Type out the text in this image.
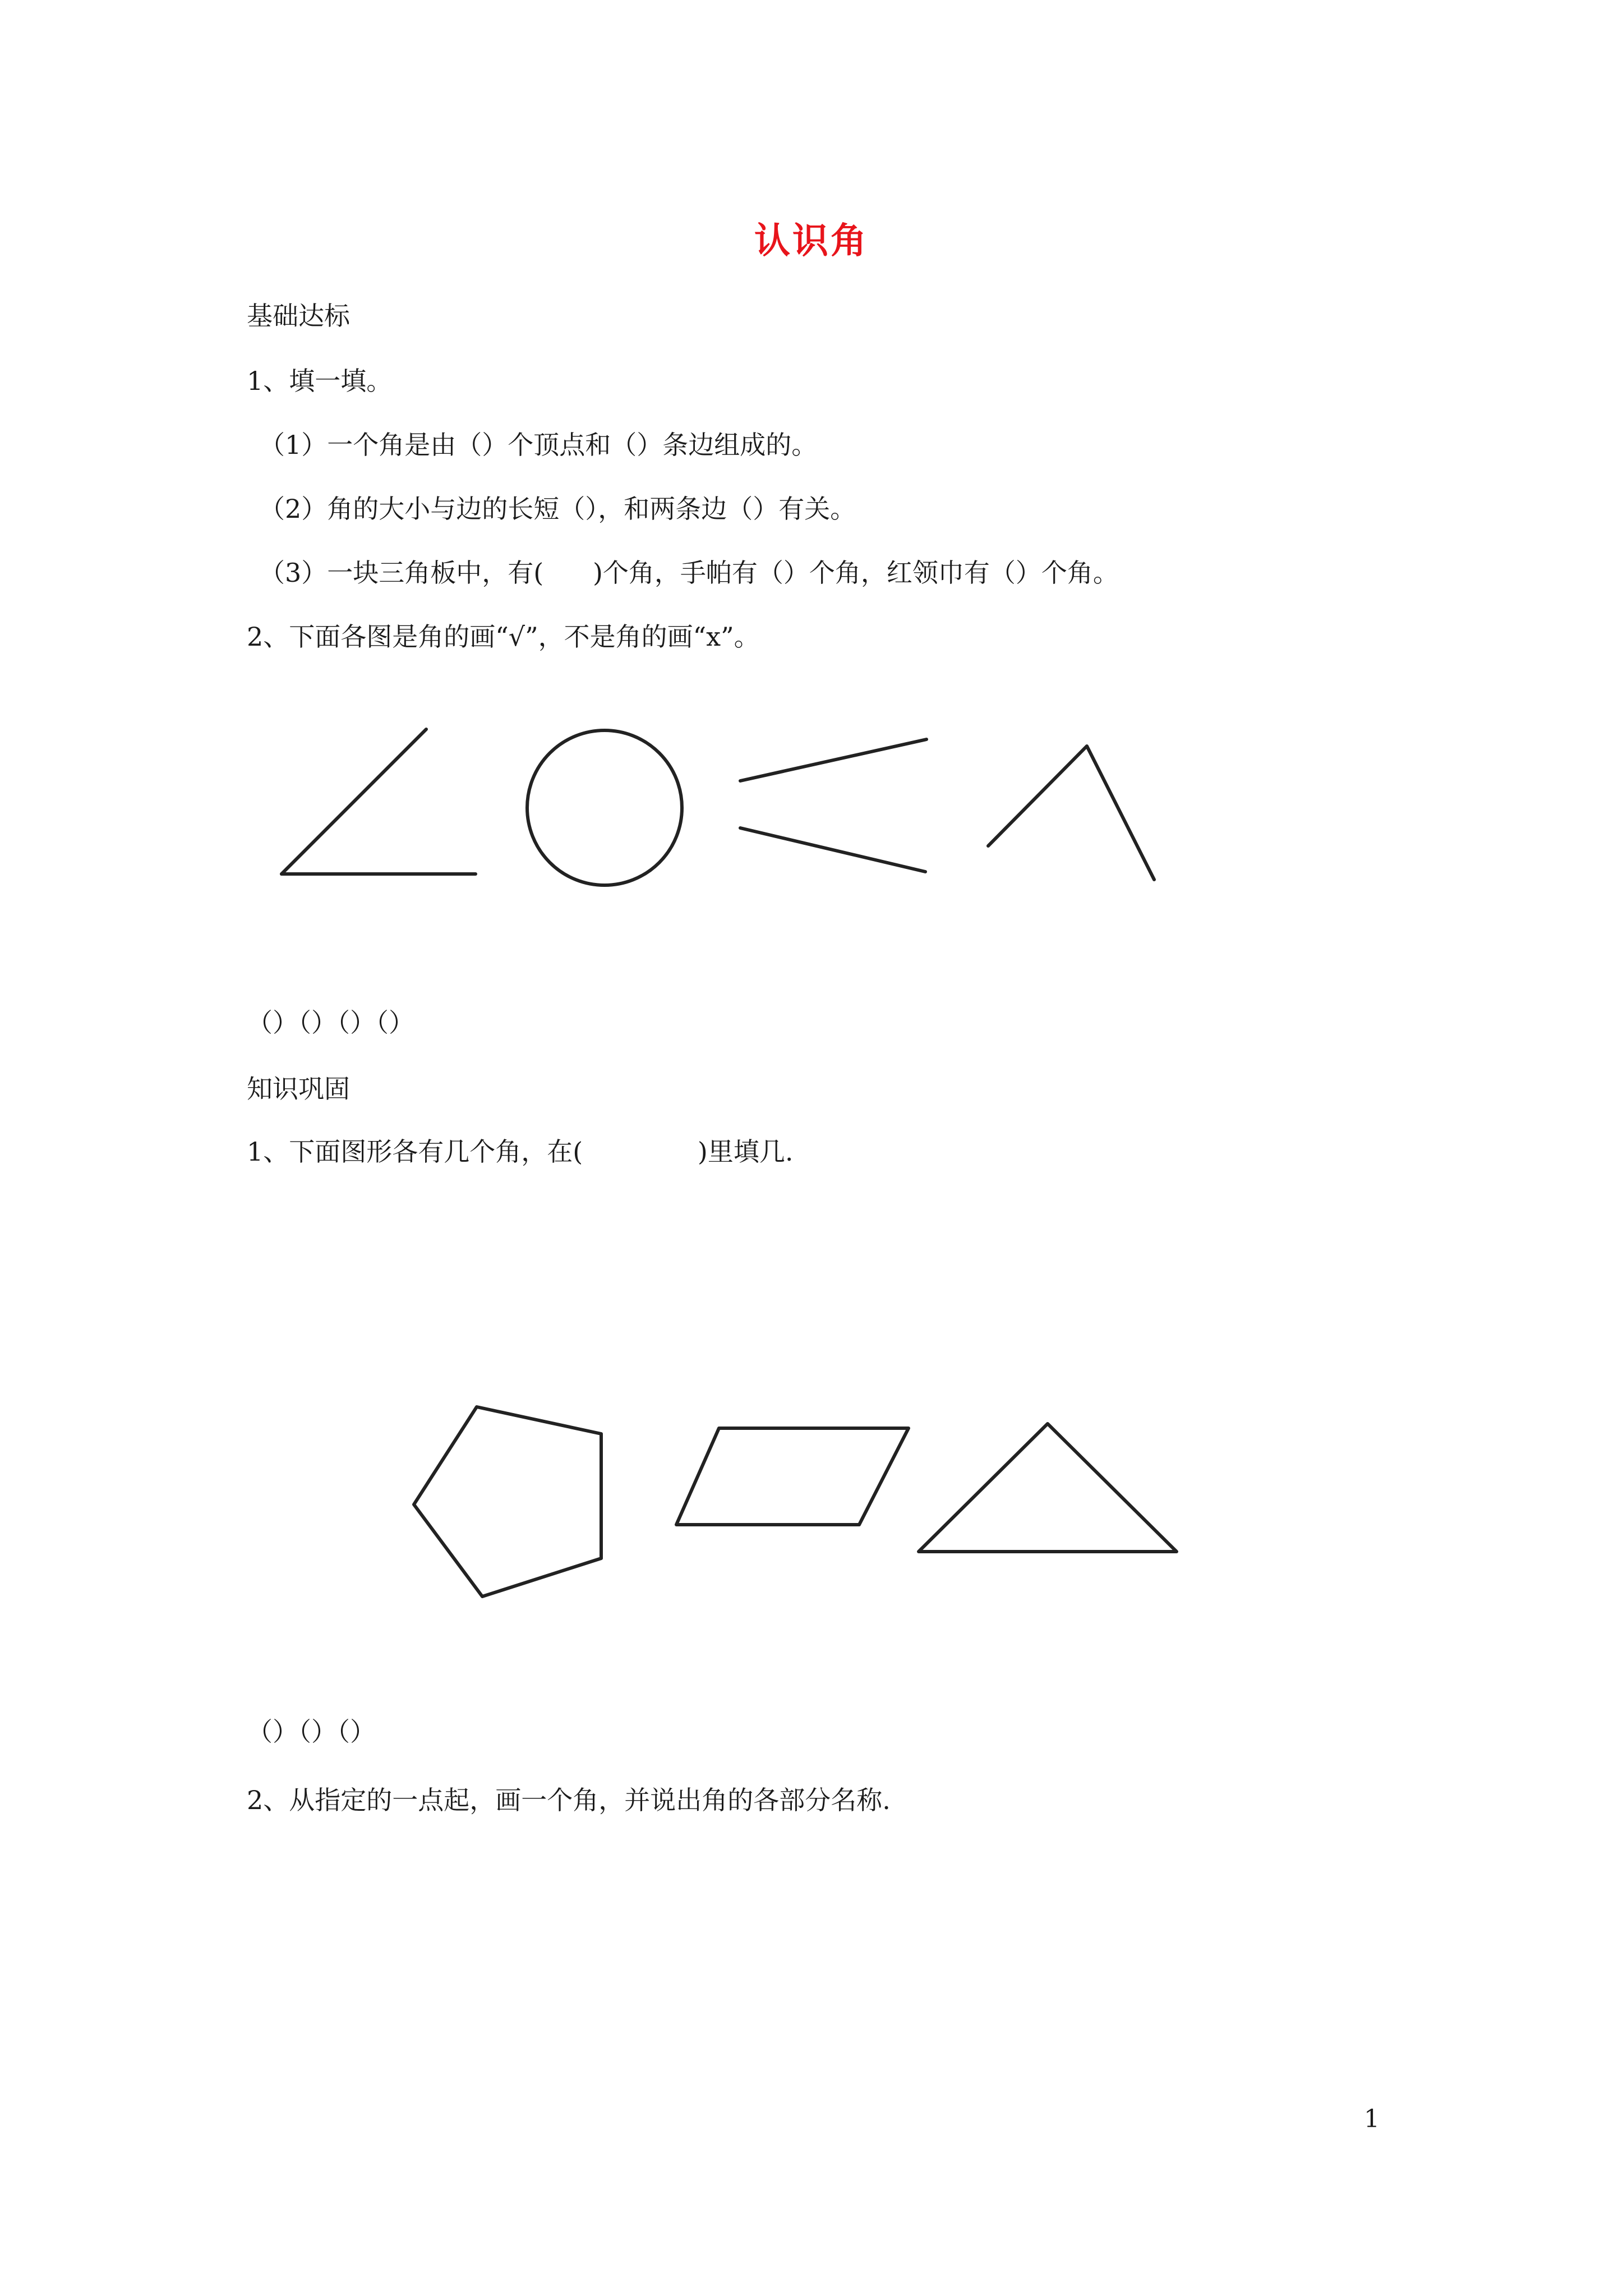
认识角
基础达标
1、填一填。
（1）一个角是由（）个顶点和（）条边组成的。
（2）角的大小与边的长短（），和两条边（）有关。
（3）一块三角板中，有(      )个角，手帕有（）个角，红领巾有（）个角。
2、下面各图是角的画“√”，不是角的画“x”。
（）（）（）（）
知识巩固
1、下面图形各有几个角，在(              )里填几.
（）（）（）
2、从指定的一点起，画一个角，并说出角的各部分名称.
1
